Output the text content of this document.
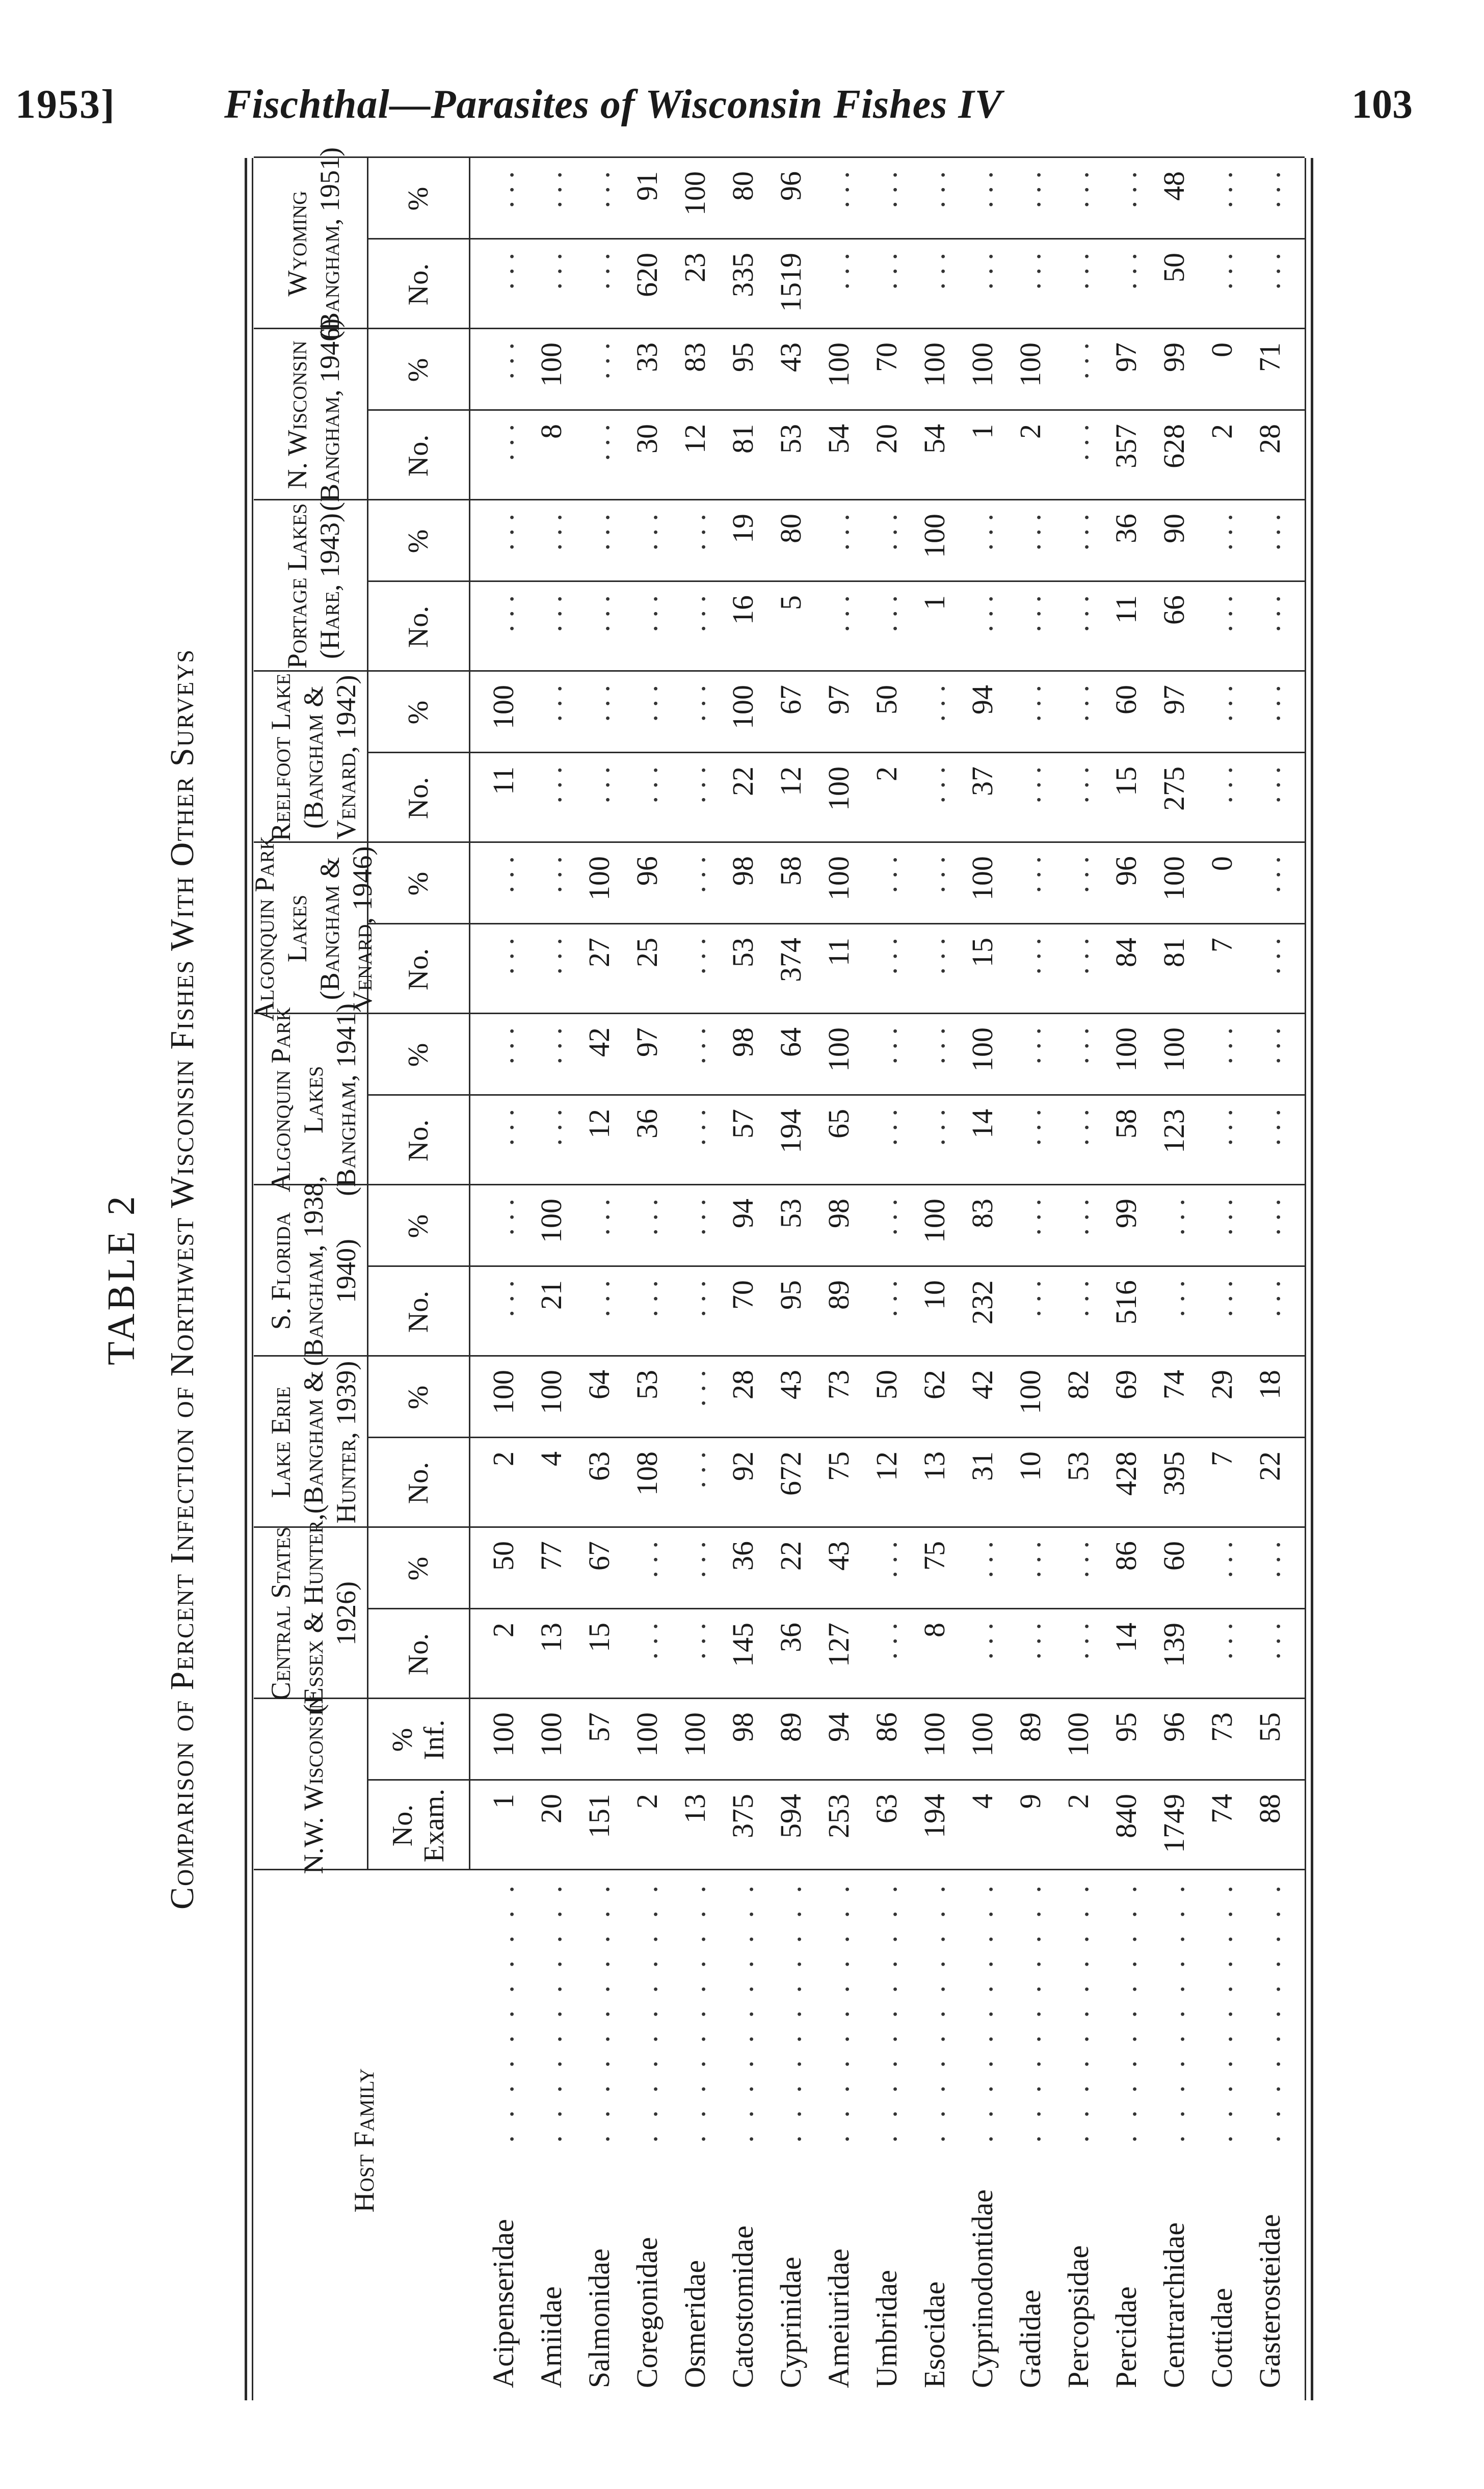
1953]	Fischthal—Parasites of Wisconsin Fishes IV	103
TABLE 2 Comparison of Percent Infection of Northwest Wisconsin Fishes With Other Surveys
Host Family
N.W. Wisconsin No. Exam.
% Inf.
Central States (Essex & Hunter, 1926)
No.
%
Lake Erie (Bangham & Hunter, 1939) No.
%
S. Florida (Bangham, 1938, 1940)
No.
%
Algonquin Park Lakes (Bangham, 1941) No.
%
Algonquin Park Lakes (Bangham & Venard, 1946) No.
%
Reelfoot Lake (Bangham & Venard, 1942) No.
%
Portage Lakes (Hare, 1943) No.
%
N. Wisconsin (Bangham, 1946) No.
%
Wyoming (Bangham, 1951) No.
%
Acipenseridae
. . . . . . . . . . .
1
100
2
50
2
100
. . .
. . .
. . .
. . .
. . .
. . .
11
100
. . .
. . .
. . .
. . .
. . .
. . .
Amiidae
. . . . . . . . . . .
20
100
13
77
4
100
21
100
. . .
. . .
. . .
. . .
. . .
. . .
. . .
. . .
8
100
. . .
. . .
Salmonidae
. . . . . . . . . . .
151
57
15
67
63
64
. . .
. . .
12
42
27
100
. . .
. . .
. . .
. . .
. . .
. . .
. . .
. . .
Coregonidae
. . . . . . . . . . .
2
100
. . .
. . .
108
53
. . .
. . .
36
97
25
96
. . .
. . .
. . .
. . .
30
33
620
91
Osmeridae
. . . . . . . . . . .
13
100
. . .
. . .
. . .
. . .
. . .
. . .
. . .
. . .
. . .
. . .
. . .
. . .
. . .
. . .
12
83
23
100
Catostomidae
. . . . . . . . . . .
375
98
145
36
92
28
70
94
57
98
53
98
22
100
16
19
81
95
335
80
Cyprinidae
. . . . . . . . . . .
594
89
36
22
672
43
95
53
194
64
374
58
12
67
5
80
53
43
1519
96
Ameiuridae
. . . . . . . . . . .
253
94
127
43
75
73
89
98
65
100
11
100
100
97
. . .
. . .
54
100
. . .
. . .
Umbridae
. . . . . . . . . . .
63
86
. . .
. . .
12
50
. . .
. . .
. . .
. . .
. . .
. . .
2
50
. . .
. . .
20
70
. . .
. . .
Esocidae
. . . . . . . . . . .
194
100
8
75
13
62
10
100
. . .
. . .
. . .
. . .
. . .
. . .
1
100
54
100
. . .
. . .
Cyprinodontidae
. . . . . . . . . . .
4
100
. . .
. . .
31
42
232
83
14
100
15
100
37
94
. . .
. . .
1
100
. . .
. . .
Gadidae
. . . . . . . . . . .
9
89
. . .
. . .
10
100
. . .
. . .
. . .
. . .
. . .
. . .
. . .
. . .
. . .
. . .
2
100
. . .
. . .
Percopsidae
. . . . . . . . . . .
2
100
. . .
. . .
53
82
. . .
. . .
. . .
. . .
. . .
. . .
. . .
. . .
. . .
. . .
. . .
. . .
. . .
. . .
Percidae
. . . . . . . . . . .
840
95
14
86
428
69
516
99
58
100
84
96
15
60
11
36
357
97
. . .
. . .
Centrarchidae
. . . . . . . . . . .
1749
96
139
60
395
74
. . .
. . .
123
100
81
100
275
97
66
90
628
99
50
48
Cottidae
. . . . . . . . . . .
74
73
. . .
. . .
7
29
. . .
. . .
. . .
. . .
7
0
. . .
. . .
. . .
. . .
2
0
. . .
. . .
Gasterosteidae
. . . . . . . . . . .
88
55
. . .
. . .
22
18
. . .
. . .
. . .
. . .
. . .
. . .
. . .
. . .
. . .
. . .
28
71
. . .
. . .
